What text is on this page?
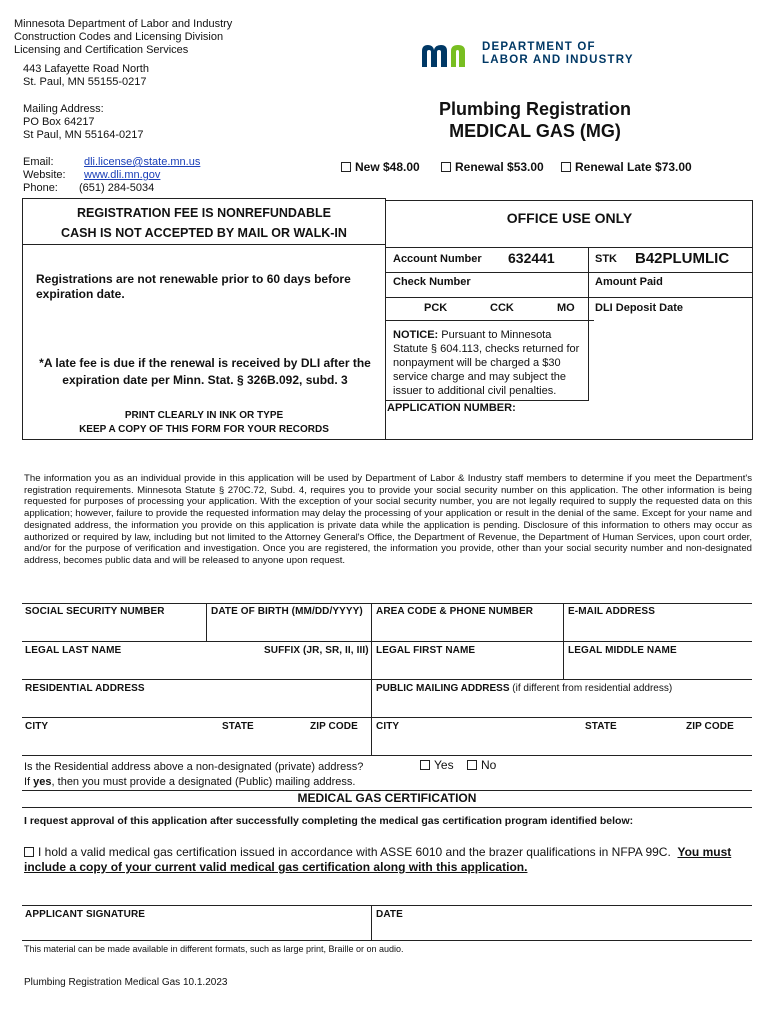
Minnesota Department of Labor and Industry
Construction Codes and Licensing Division
Licensing and Certification Services
443 Lafayette Road North
St. Paul, MN 55155-0217
Mailing Address:
PO Box 64217
St Paul, MN 55164-0217
Email:	dli.license@state.mn.us
Website: www.dli.mn.gov
Phone: (651) 284-5034
DEPARTMENT OF
LABOR AND INDUSTRY
Plumbing Registration
MEDICAL GAS (MG)
New $48.00	Renewal $53.00	Renewal Late $73.00
REGISTRATION FEE IS NONREFUNDABLE
CASH IS NOT ACCEPTED BY MAIL OR WALK-IN
Registrations are not renewable prior to 60 days before expiration date.
*A late fee is due if the renewal is received by DLI after the expiration date per Minn. Stat. § 326B.092, subd. 3
PRINT CLEARLY IN INK OR TYPE
KEEP A COPY OF THIS FORM FOR YOUR RECORDS
OFFICE USE ONLY
Account Number 632441	STK B42PLUMLIC
Check Number	Amount Paid
PCK	CCK	MO DLI Deposit Date
NOTICE: Pursuant to Minnesota Statute § 604.113, checks returned for nonpayment will be charged a $30 service charge and may subject the issuer to additional civil penalties.
APPLICATION NUMBER:
The information you as an individual provide in this application will be used by Department of Labor & Industry staff members to determine if you meet the Department's registration requirements. Minnesota Statute § 270C.72, Subd. 4, requires you to provide your social security number on this application. The other information is being requested for purposes of processing your application. With the exception of your social security number, you are not legally required to supply the requested data on this application; however, failure to provide the requested information may delay the processing of your application or result in the denial of the same. Except for your name and designated address, the information you provide on this application is private data while the application is pending. Disclosure of this information to others may occur as authorized or required by law, including but not limited to the Attorney General's Office, the Department of Revenue, the Department of Human Services, upon court order, and/or for the purpose of verification and investigation. Once you are registered, the information you provide, other than your social security number and non-designated address, becomes public data and will be released to anyone upon request.
SOCIAL SECURITY NUMBER	DATE OF BIRTH (MM/DD/YYYY) AREA CODE & PHONE NUMBER	E-MAIL ADDRESS
LEGAL LAST NAME	SUFFIX (JR, SR, II, III) LEGAL FIRST NAME	LEGAL MIDDLE NAME
RESIDENTIAL ADDRESS	PUBLIC MAILING ADDRESS (if different from residential address)
CITY	STATE	ZIP CODE CITY	STATE	ZIP CODE
Is the Residential address above a non-designated (private) address?
If yes, then you must provide a designated (Public) mailing address.
Yes	No
MEDICAL GAS CERTIFICATION
I request approval of this application after successfully completing the medical gas certification program identified below:
I hold a valid medical gas certification issued in accordance with ASSE 6010 and the brazer qualifications in NFPA 99C. You must include a copy of your current valid medical gas certification along with this application.
APPLICANT SIGNATURE	DATE
This material can be made available in different formats, such as large print, Braille or on audio.
Plumbing Registration Medical Gas 10.1.2023
